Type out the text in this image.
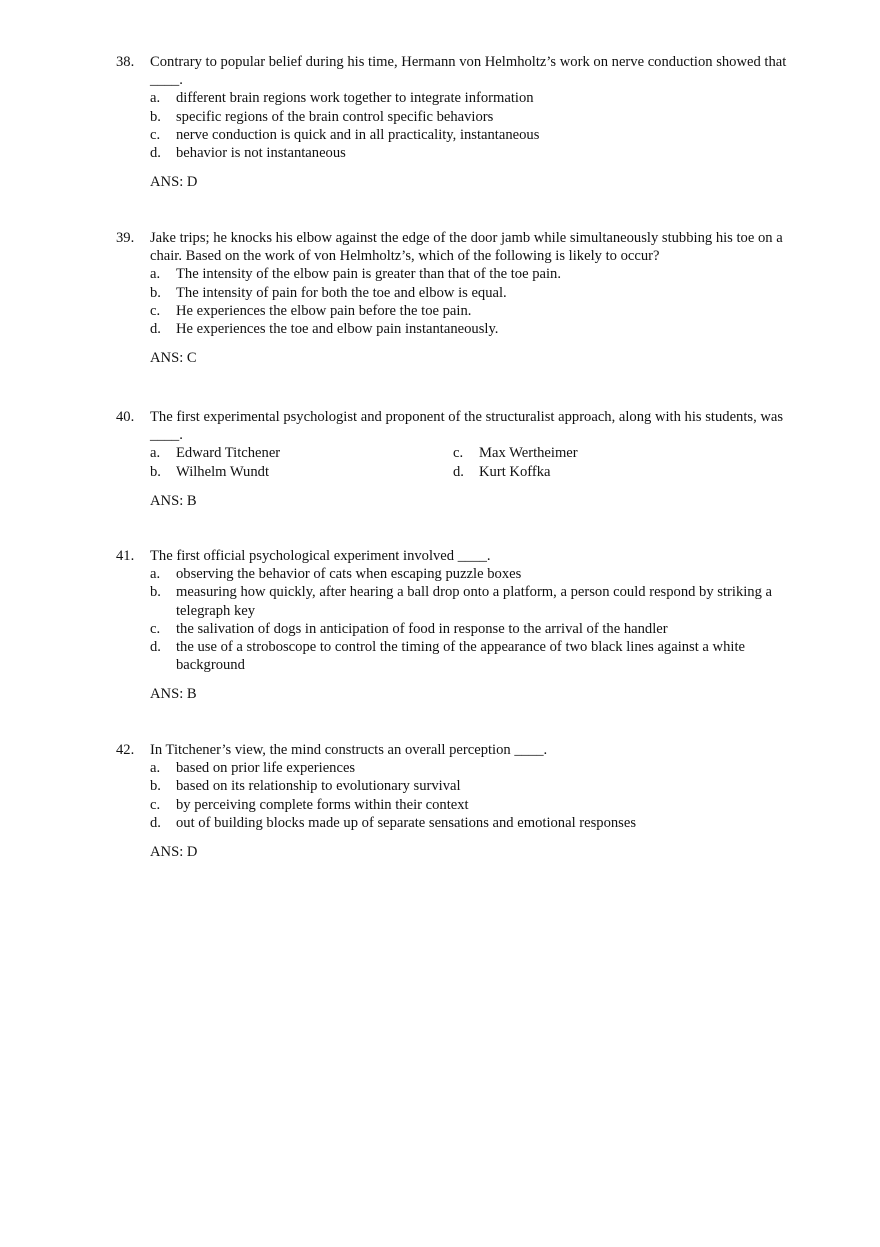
38. Contrary to popular belief during his time, Hermann von Helmholtz’s work on nerve conduction showed that ____.
a. different brain regions work together to integrate information
b. specific regions of the brain control specific behaviors
c. nerve conduction is quick and in all practicality, instantaneous
d. behavior is not instantaneous
ANS: D
39. Jake trips; he knocks his elbow against the edge of the door jamb while simultaneously stubbing his toe on a chair. Based on the work of von Helmholtz’s, which of the following is likely to occur?
a. The intensity of the elbow pain is greater than that of the toe pain.
b. The intensity of pain for both the toe and elbow is equal.
c. He experiences the elbow pain before the toe pain.
d. He experiences the toe and elbow pain instantaneously.
ANS: C
40. The first experimental psychologist and proponent of the structuralist approach, along with his students, was ____.
a. Edward Titchener	c. Max Wertheimer
b. Wilhelm Wundt	d. Kurt Koffka
ANS: B
41. The first official psychological experiment involved ____.
a. observing the behavior of cats when escaping puzzle boxes
b. measuring how quickly, after hearing a ball drop onto a platform, a person could respond by striking a telegraph key
c. the salivation of dogs in anticipation of food in response to the arrival of the handler
d. the use of a stroboscope to control the timing of the appearance of two black lines against a white background
ANS: B
42. In Titchener’s view, the mind constructs an overall perception ____.
a. based on prior life experiences
b. based on its relationship to evolutionary survival
c. by perceiving complete forms within their context
d. out of building blocks made up of separate sensations and emotional responses
ANS: D
